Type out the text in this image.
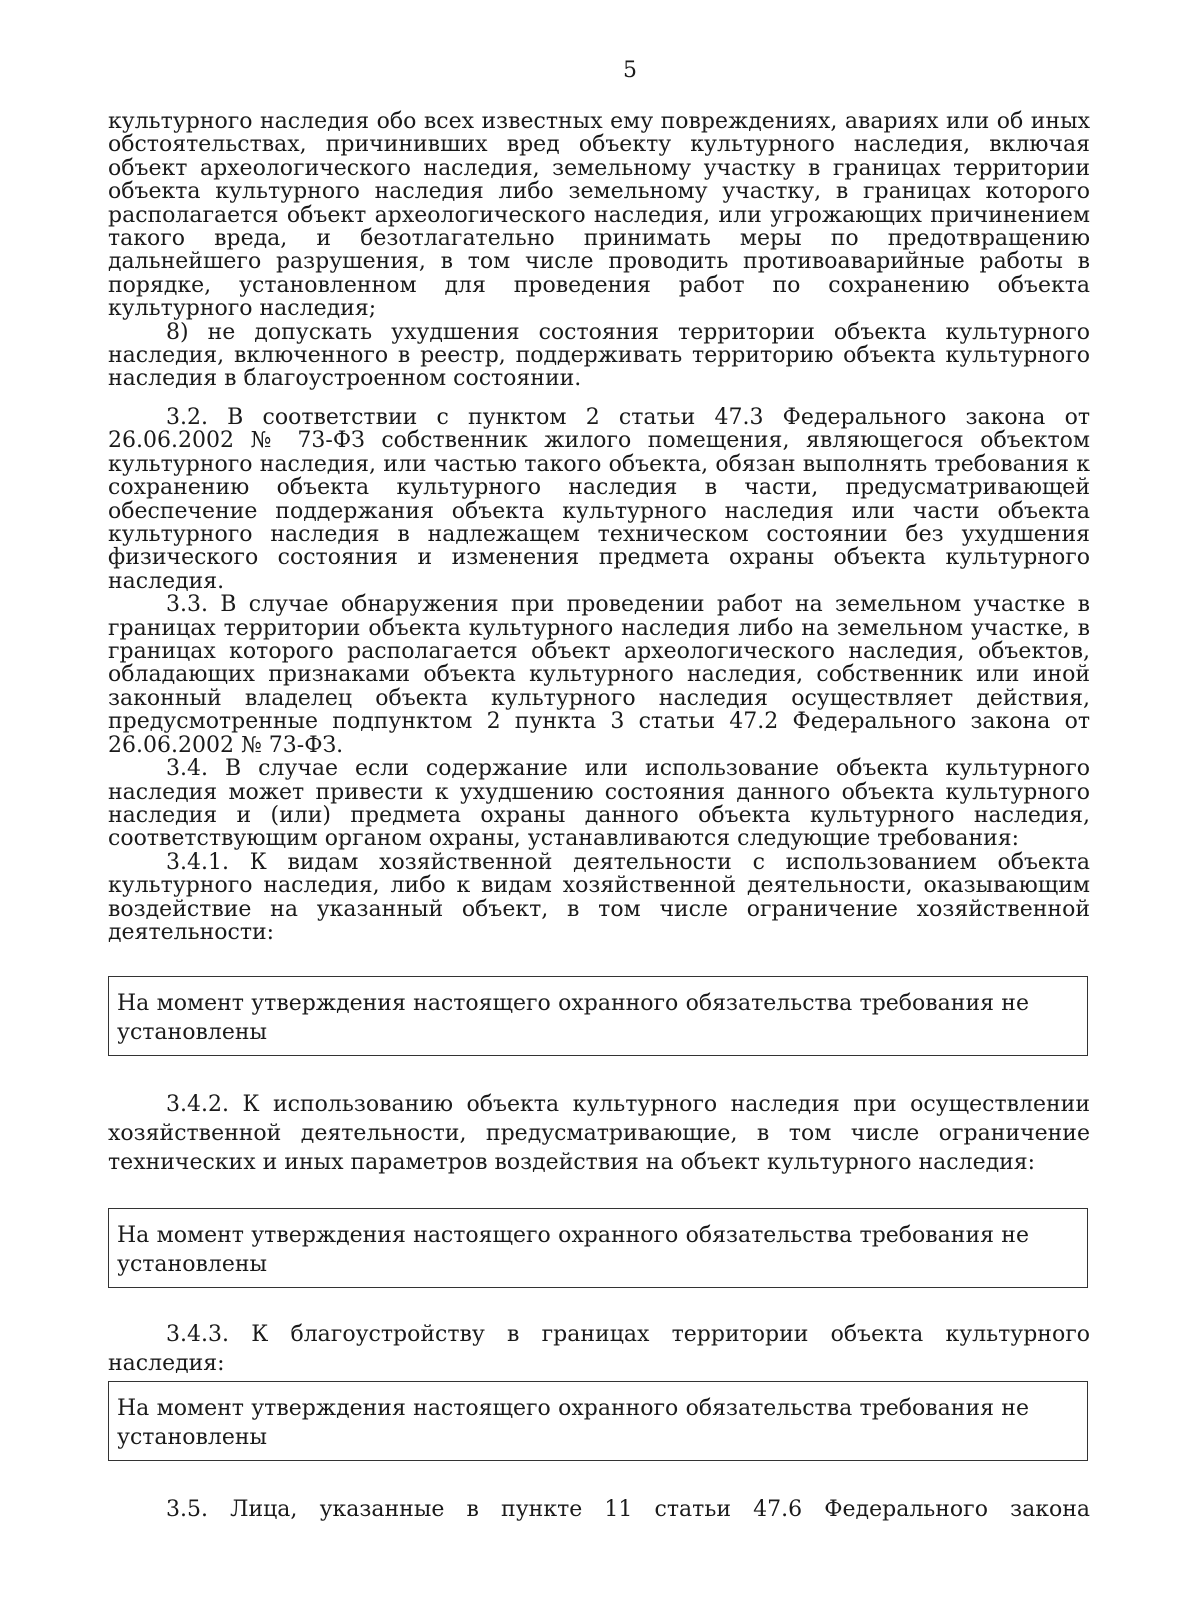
5

культурного наследия обо всех известных ему повреждениях, авариях или об иных обстоятельствах, причинивших вред объекту культурного наследия, включая объект археологического наследия, земельному участку в границах территории объекта культурного наследия либо земельному участку, в границах которого располагается объект археологического наследия, или угрожающих причинением такого вреда, и безотлагательно принимать меры по предотвращению дальнейшего разрушения, в том числе проводить противоаварийные работы в порядке, установленном для проведения работ по сохранению объекта культурного наследия;

8) не допускать ухудшения состояния территории объекта культурного наследия, включенного в реестр, поддерживать территорию объекта культурного наследия в благоустроенном состоянии.

3.2. В соответствии с пунктом 2 статьи 47.3 Федерального закона от 26.06.2002 № 73-ФЗ собственник жилого помещения, являющегося объектом культурного наследия, или частью такого объекта, обязан выполнять требования к сохранению объекта культурного наследия в части, предусматривающей обеспечение поддержания объекта культурного наследия или части объекта культурного наследия в надлежащем техническом состоянии без ухудшения физического состояния и изменения предмета охраны объекта культурного наследия.

3.3. В случае обнаружения при проведении работ на земельном участке в границах территории объекта культурного наследия либо на земельном участке, в границах которого располагается объект археологического наследия, объектов, обладающих признаками объекта культурного наследия, собственник или иной законный владелец объекта культурного наследия осуществляет действия, предусмотренные подпунктом 2 пункта 3 статьи 47.2 Федерального закона от 26.06.2002 № 73-ФЗ.

3.4. В случае если содержание или использование объекта культурного наследия может привести к ухудшению состояния данного объекта культурного наследия и (или) предмета охраны данного объекта культурного наследия, соответствующим органом охраны, устанавливаются следующие требования:

3.4.1. К видам хозяйственной деятельности с использованием объекта культурного наследия, либо к видам хозяйственной деятельности, оказывающим воздействие на указанный объект, в том числе ограничение хозяйственной деятельности:

На момент утверждения настоящего охранного обязательства требования не установлены

3.4.2. К использованию объекта культурного наследия при осуществлении хозяйственной деятельности, предусматривающие, в том числе ограничение технических и иных параметров воздействия на объект культурного наследия:

На момент утверждения настоящего охранного обязательства требования не установлены

3.4.3. К благоустройству в границах территории объекта культурного наследия:

На момент утверждения настоящего охранного обязательства требования не установлены

3.5. Лица, указанные в пункте 11 статьи 47.6 Федерального закона
